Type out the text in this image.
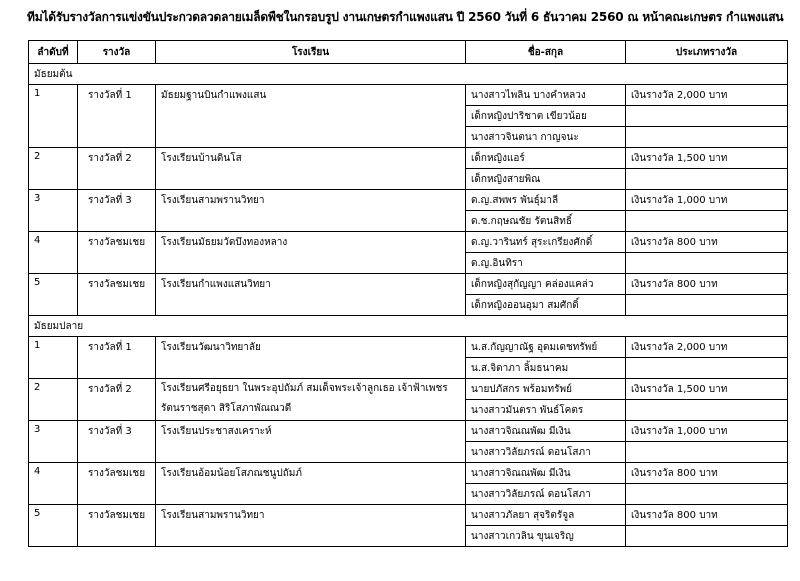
ทีมได้รับรางวัลการแข่งขันประกวดลวดลายเมล็ดพืชในกรอบรูป งานเกษตรกำแพงแสน ปี 2560 วันที่ 6 ธันวาคม 2560 ณ หน้าคณะเกษตร กำแพงแสน
ลำดับที่	รางวัล	โรงเรียน	ชื่อ-สกุล	ประเภทรางวัล
มัธยมต้น				
1	รางวัลที่ 1	มัธยมฐานบินกำแพงแสน	นางสาวไพลิน บางคำหลวง	เงินรางวัล 2,000 บาท
			เด็กหญิงปาริชาต เขียวน้อย	
			นางสาวจินตนา กาญจนะ	
2	รางวัลที่ 2	โรงเรียนบ้านดินโส	เด็กหญิงแอร์	เงินรางวัล 1,500 บาท
			เด็กหญิงสายพิณ	
3	รางวัลที่ 3	โรงเรียนสามพรานวิทยา	ด.ญ.สพพร พันธุ์มาลี	เงินรางวัล 1,000 บาท
			ด.ช.กฤษณชัย รัตนสิทธิ์	
4	รางวัลชมเชย	โรงเรียนมัธยมวัดบึงทองหลาง	ด.ญ.วารินทร์ สุระเกรียงศักดิ์	เงินรางวัล 800 บาท
			ด.ญ.อินทิรา	
5	รางวัลชมเชย	โรงเรียนกำแพงแสนวิทยา	เด็กหญิงสุกัญญา คล่องแคล่ว	เงินรางวัล 800 บาท
			เด็กหญิงออนอุมา สมศักดิ์	
มัธยมปลาย				
1	รางวัลที่ 1	โรงเรียนวัฒนาวิทยาลัย	น.ส.กัญญาณัฐ อุดมเดชทรัพย์	เงินรางวัล 2,000 บาท
			น.ส.จิดาภา ลิ้มธนาคม	
2	รางวัลที่ 2	โรงเรียนศรีอยุธยา ในพระอุปถัมภ์ สมเด็จพระเจ้าลูกเธอ เจ้าฟ้าเพชรรัตนราชสุดา สิริโสภาพัณณวดี	นายปภัสกร พร้อมทรัพย์	เงินรางวัล 1,500 บาท
			นางสาวมันตรา พันธ์โคตร	
3	รางวัลที่ 3	โรงเรียนประชาสงเคราะห์	นางสาวจิณณพัฒ มีเงิน	เงินรางวัล 1,000 บาท
			นางสาววิลัยภรณ์ ดอนโสภา	
4	รางวัลชมเชย	โรงเรียนอ้อมน้อยโสภณชนูปถัมภ์	นางสาวจิณณพัฒ มีเงิน	เงินรางวัล 800 บาท
			นางสาววิลัยภรณ์ ดอนโสภา	
5	รางวัลชมเชย	โรงเรียนสามพรานวิทยา	นางสาวภัลยา สุจริตรัจูล	เงินรางวัล 800 บาท
			นางสาวเกวลิน ขุนเจริญ	
